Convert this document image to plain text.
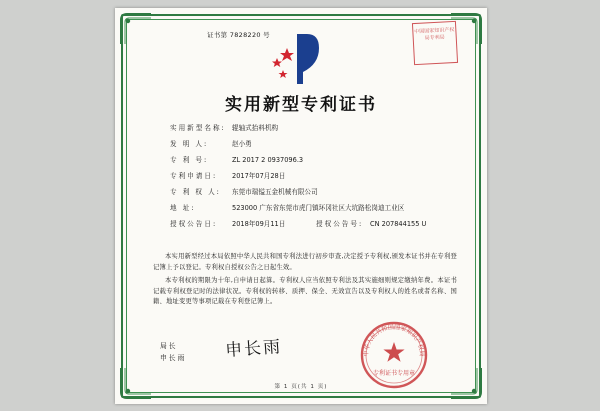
证书第 7828220 号	中国国家知识产权局专利局
实用新型专利证书
实用新型名称: 辊轴式抬料机构
发 明 人:	赵小勇
专 利 号:	ZL 2017 2 0937096.3
专利申请日:	2017年07月28日
专 利 权 人:	东莞市瑞镒五金机械有限公司
地 址:	523000 广东省东莞市虎门镇环冈社区大坑路松岗迪工业区
授权公告日:	2018年09月11日	授权公告号:	CN 207844155 U

本实用新型经过本局依照中华人民共和国专利法进行初步审查,决定授予专利权,颁发本证书并在专利登记簿上予以登记。专利权自授权公告之日起生效。

本专利权的期限为十年,自申请日起算。专利权人应当依照专利法及其实施细则规定缴纳年费。本证书记载专利权登记时的法律状况。专利权的转移、质押、保全、无效宣告以及专利权人的姓名或者名称、国籍、地址变更等事项记载在专利登记簿上。

局长
申长雨 申长雨	中华人民共和国国家知识产权局
专利证书专用章
第 1 页(共 1 页)
